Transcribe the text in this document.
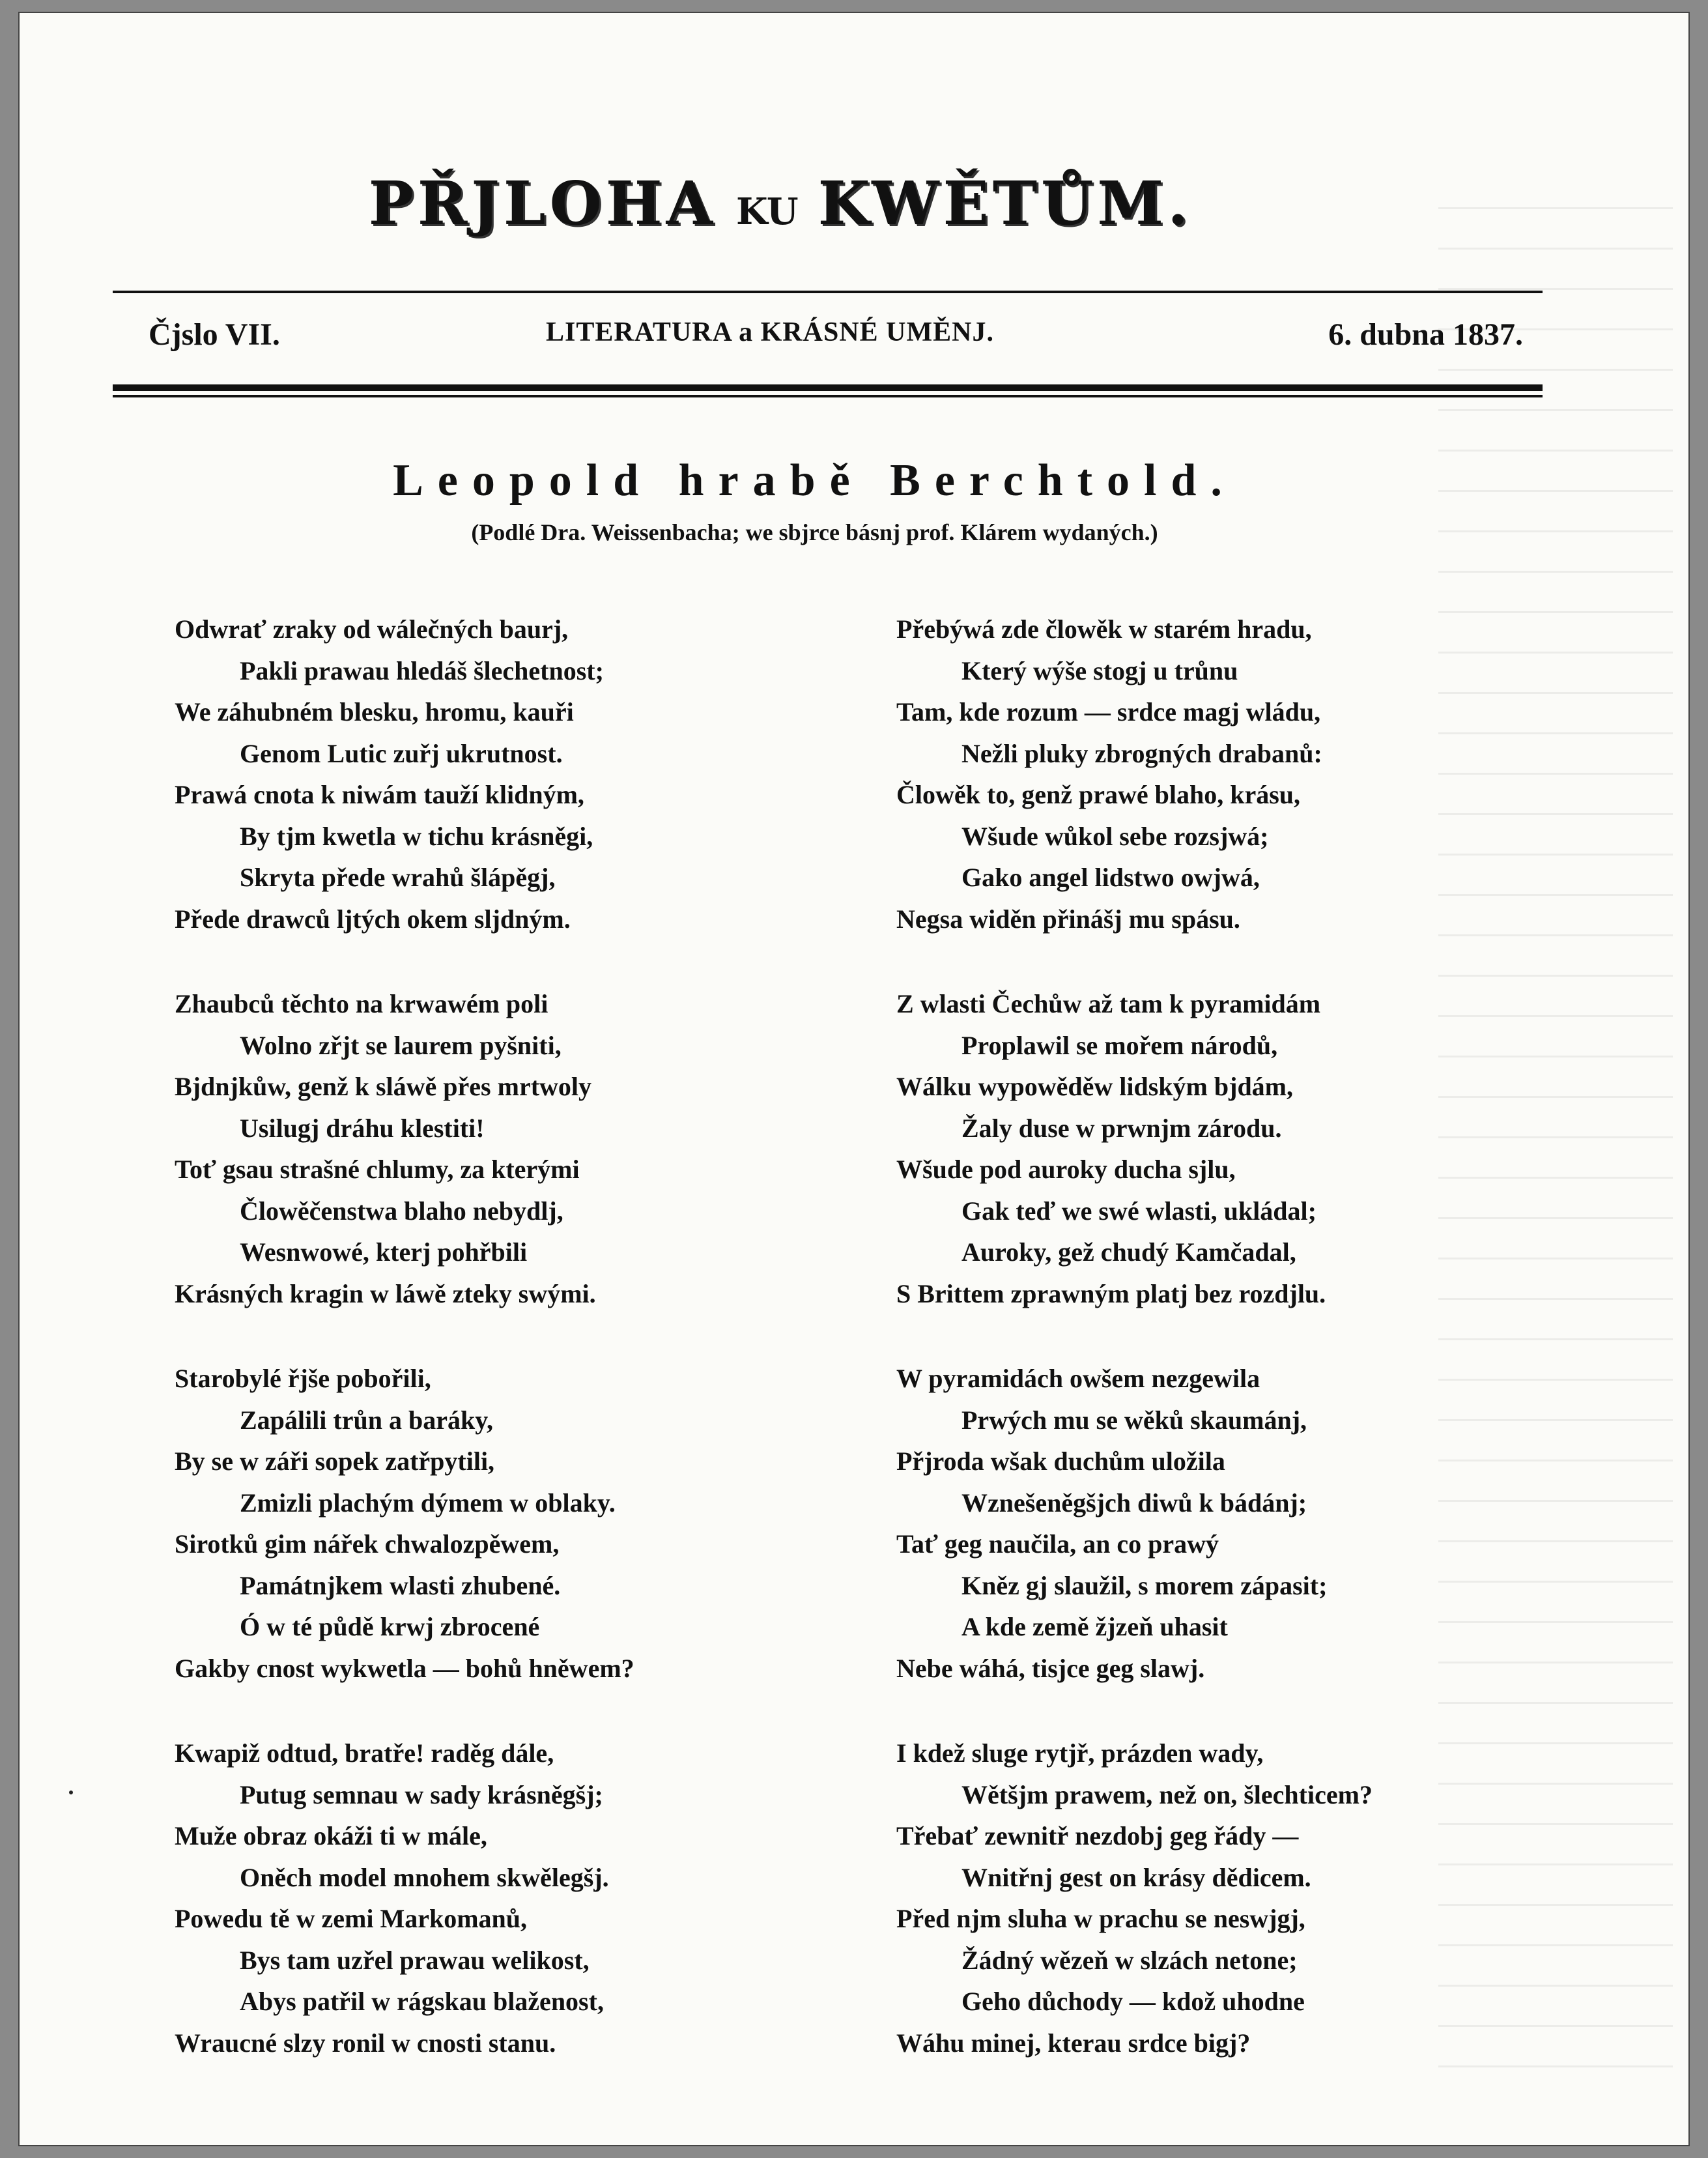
PŘJLOHA KU KWĚTŮM.
Čjslo VII.	LITERATURA a KRÁSNÉ UMĚNJ.	6. dubna 1837.
Leopold hrabě Berchtold.
(Podlé Dra. Weissenbacha; we sbjrce básnj prof. Klárem wydaných.)
Odwrať zraky od wálečných baurj,
Pakli prawau hledáš šlechetnost;
We záhubném blesku, hromu, kauři
Genom Lutic zuřj ukrutnost.
Prawá cnota k niwám tauží klidným,
By tjm kwetla w tichu krásněgi,
Skryta přede wrahů šlápěgj,
Přede drawců ljtých okem sljdným.
Zhaubců těchto na krwawém poli
Wolno zřjt se laurem pyšniti,
Bjdnjkůw, genž k sláwě přes mrtwoly
Usilugj dráhu klestiti!
Toť gsau strašné chlumy, za kterými
Člowěčenstwa blaho nebydlj,
Wesnwowé, kterj pohřbili
Krásných kragin w láwě zteky swými.
Starobylé řjše pobořili,
Zapálili trůn a baráky,
By se w záři sopek zatřpytili,
Zmizli plachým dýmem w oblaky.
Sirotků gim nářek chwalozpěwem,
Památnjkem wlasti zhubené.
Ó w té půdě krwj zbrocené
Gakby cnost wykwetla — bohů hněwem?
Kwapiž odtud, bratře! raděg dále,
Putug semnau w sady krásněgšj;
Muže obraz okáži ti w mále,
Oněch model mnohem skwělegšj.
Powedu tě w zemi Markomanů,
Bys tam uzřel prawau welikost,
Abys patřil w rágskau blaženost,
Wraucné slzy ronil w cnosti stanu.
Přebýwá zde člowěk w starém hradu,
Který wýše stogj u trůnu
Tam, kde rozum — srdce magj wládu,
Nežli pluky zbrogných drabanů:
Člowěk to, genž prawé blaho, krásu,
Wšude wůkol sebe rozsjwá;
Gako angel lidstwo owjwá,
Negsa widěn přinášj mu spásu.
Z wlasti Čechůw až tam k pyramidám
Proplawil se mořem národů,
Wálku wypowěděw lidským bjdám,
Žaly duse w prwnjm zárodu.
Wšude pod auroky ducha sjlu,
Gak teď we swé wlasti, ukládal;
Auroky, gež chudý Kamčadal,
S Brittem zprawným platj bez rozdjlu.
W pyramidách owšem nezgewila
Prwých mu se wěků skaumánj,
Přjroda wšak duchům uložila
Wznešeněgšjch diwů k bádánj;
Tať geg naučila, an co prawý
Kněz gj slaužil, s morem zápasit;
A kde země žjzeň uhasit
Nebe wáhá, tisjce geg slawj.
I kdež sluge rytjř, prázden wady,
Wětšjm prawem, než on, šlechticem?
Třebať zewnitř nezdobj geg řády —
Wnitřnj gest on krásy dědicem.
Před njm sluha w prachu se neswjgj,
Žádný wězeň w slzách netone;
Geho důchody — kdož uhodne
Wáhu minej, kterau srdce bigj?
